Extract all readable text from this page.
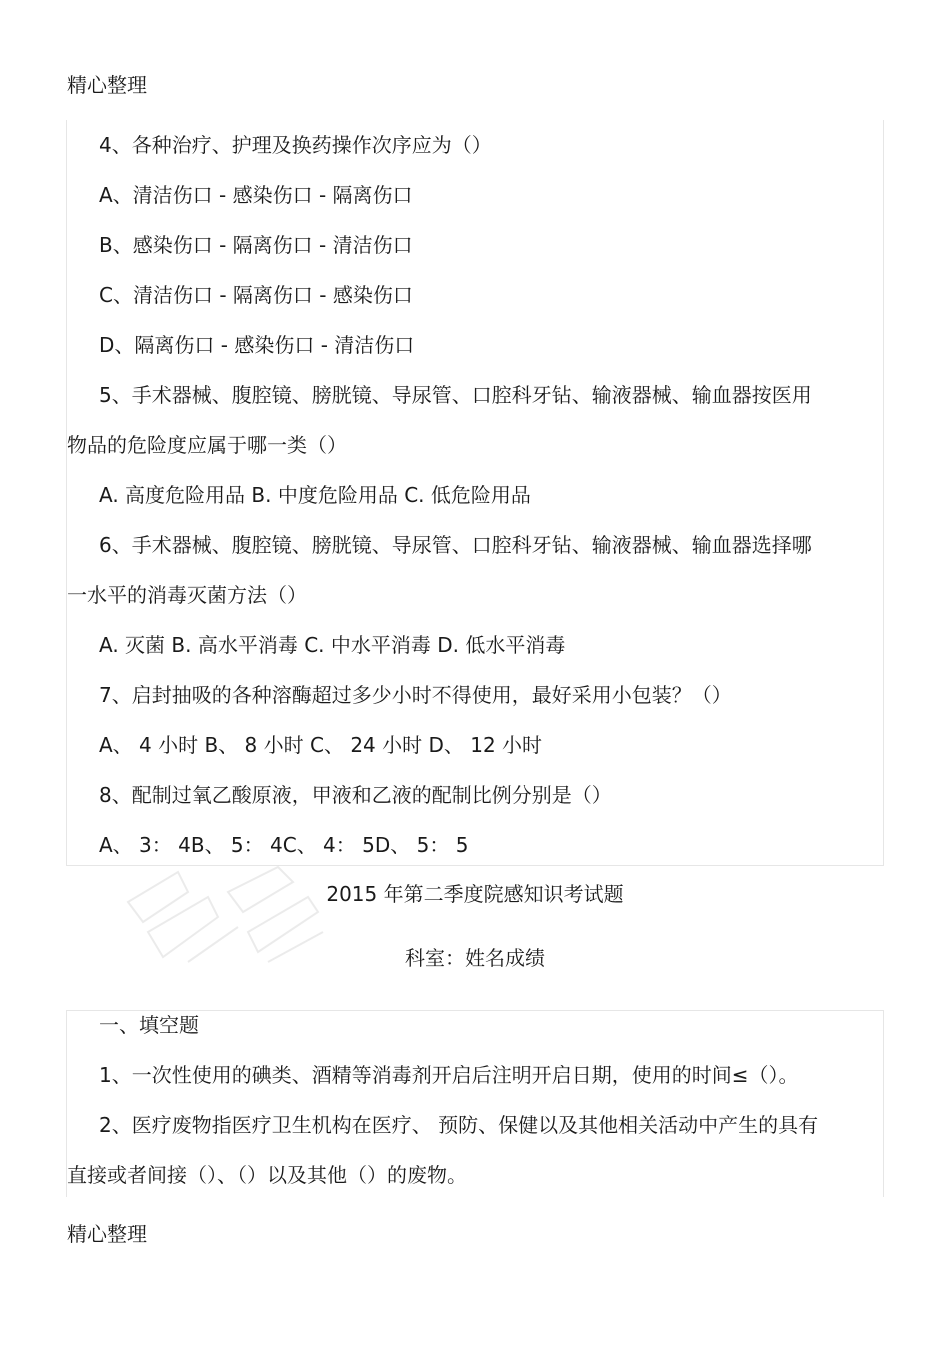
精心整理
4、各种治疗、护理及换药操作次序应为（）
A、清洁伤口 - 感染伤口 - 隔离伤口
B、感染伤口 - 隔离伤口 - 清洁伤口
C、清洁伤口 - 隔离伤口 - 感染伤口
D、隔离伤口 - 感染伤口 - 清洁伤口
5、手术器械、腹腔镜、膀胱镜、导尿管、口腔科牙钻、输液器械、输血器按医用
物品的危险度应属于哪一类（）
A. 高度危险用品 B. 中度危险用品 C. 低危险用品
6、手术器械、腹腔镜、膀胱镜、导尿管、口腔科牙钻、输液器械、输血器选择哪
一水平的消毒灭菌方法（）
A. 灭菌 B. 高水平消毒 C. 中水平消毒 D. 低水平消毒
7、启封抽吸的各种溶酶超过多少小时不得使用，最好采用小包装？（）
A、 4 小时 B、 8 小时 C、 24 小时 D、 12 小时
8、配制过氧乙酸原液，甲液和乙液的配制比例分别是（）
A、 3： 4B、 5： 4C、 4： 5D、 5： 5
2015 年第二季度院感知识考试题
科室：姓名成绩
一、填空题
1、一次性使用的碘类、酒精等消毒剂开启后注明开启日期，使用的时间≤（）。
2、医疗废物指医疗卫生机构在医疗、 预防、保健以及其他相关活动中产生的具有
直接或者间接（）、（）以及其他（）的废物。
精心整理
